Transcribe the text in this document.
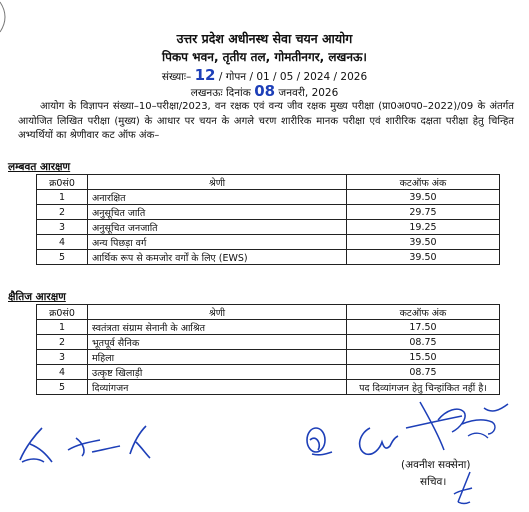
उत्तर प्रदेश अधीनस्थ सेवा चयन आयोग
पिकप भवन, तृतीय तल, गोमतीनगर, लखनऊ।
संख्याः– 12 / गोपन / 01 / 05 / 2024 / 2026
लखनऊः दिनांक 08 जनवरी, 2026
आयोग के विज्ञापन संख्या–10–परीक्षा/2023, वन रक्षक एवं वन्य जीव रक्षक मुख्य परीक्षा (प्रा0अ0प0–2022)/09 के अंतर्गत आयोजित लिखित परीक्षा (मुख्य) के आधार पर चयन के अगले चरण शारीरिक मानक परीक्षा एवं शारीरिक दक्षता परीक्षा हेतु चिन्हित अभ्यर्थियों का श्रेणीवार कट ऑफ अंक–
लम्बवत आरक्षण
क्र0सं0	श्रेणी	कटऑफ अंक
1	अनारक्षित	39.50
2	अनुसूचित जाति	29.75
3	अनुसूचित जनजाति	19.25
4	अन्य पिछड़ा वर्ग	39.50
5	आर्थिक रूप से कमजोर वर्गों के लिए (EWS)	39.50
क्षैतिज आरक्षण
क्र0सं0	श्रेणी	कटऑफ अंक
1	स्वतंत्रता संग्राम सेनानी के आश्रित	17.50
2	भूतपूर्व सैनिक	08.75
3	महिला	15.50
4	उत्कृष्ट खिलाड़ी	08.75
5	दिव्यांगजन	पद दिव्यांगजन हेतु चिन्हांकित नहीं है।
(अवनीश सक्सेना)
सचिव।
